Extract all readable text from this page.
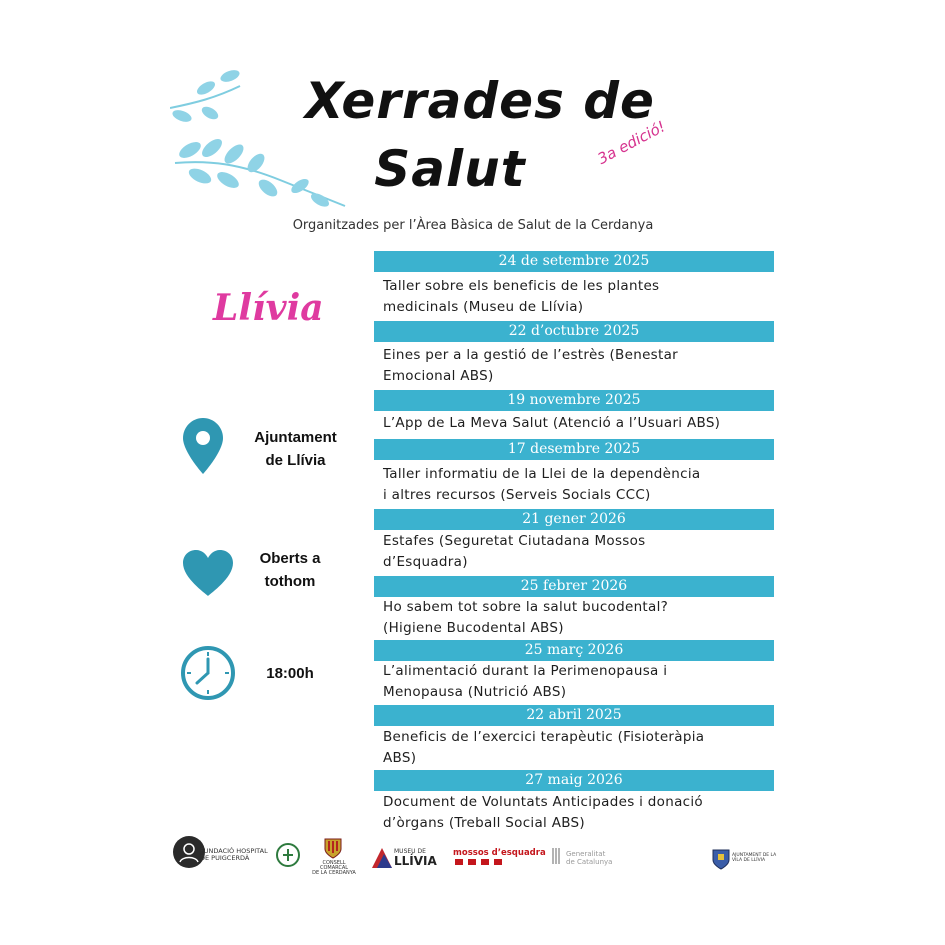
Xerrades de
Salut	3a edició!
Organitzades per l’Àrea Bàsica de Salut de la Cerdanya
Llívia
Ajuntament
de Llívia
Oberts a
tothom
18:00h
24 de setembre 2025
Taller sobre els beneficis de les plantes
medicinals (Museu de Llívia)
22 d’octubre 2025
Eines per a la gestió de l’estrès (Benestar
Emocional ABS)
19 novembre 2025
L’App de La Meva Salut (Atenció a l’Usuari ABS)
17 desembre 2025
Taller informatiu de la Llei de la dependència
i altres recursos (Serveis Socials CCC)
21 gener 2026
Estafes (Seguretat Ciutadana Mossos
d’Esquadra)
25 febrer 2026
Ho sabem tot sobre la salut bucodental?
(Higiene Bucodental ABS)
25 març 2026
L’alimentació durant la Perimenopausa i
Menopausa (Nutrició ABS)
22 abril 2025
Beneficis de l’exercici terapèutic (Fisioteràpia
ABS)
27 maig 2026
Document de Voluntats Anticipades i donació
d’òrgans (Treball Social ABS)
FUNDACIÓ HOSPITAL
DE PUIGCERDÀ
CONSELL COMARCAL
DE LA CERDANYA
MUSEU DE
LLÍVIA
mossos d’esquadra	Generalitat
de Catalunya
AJUNTAMENT DE LA
VILA DE LLÍVIA
